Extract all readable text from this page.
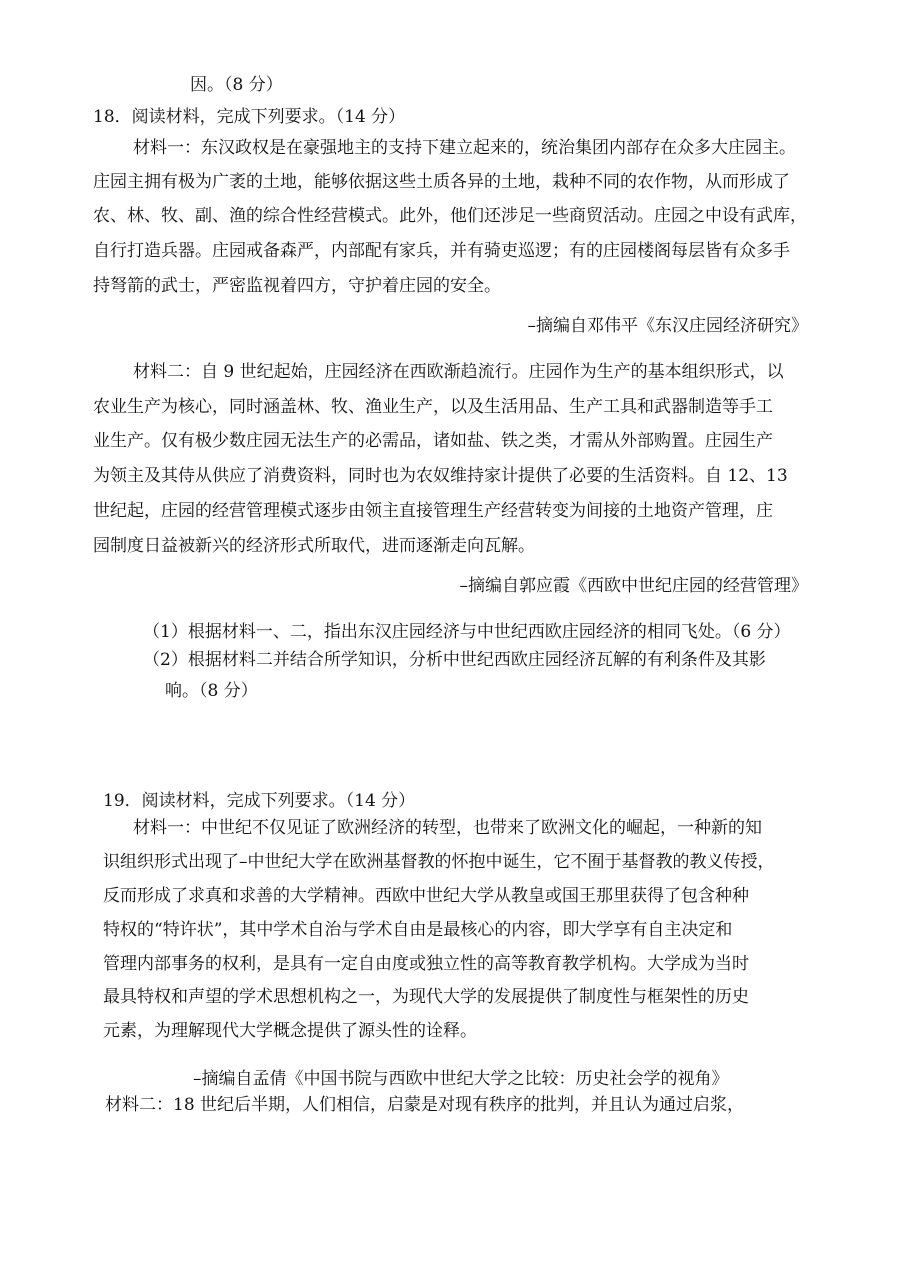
因。（8 分）
18．阅读材料，完成下列要求。（14 分）
材料一：东汉政权是在豪强地主的支持下建立起来的，统治集团内部存在众多大庄园主。
庄园主拥有极为广袤的土地，能够依据这些土质各异的土地，栽种不同的农作物，从而形成了
农、林、牧、副、渔的综合性经营模式。此外，他们还涉足一些商贸活动。庄园之中设有武库，
自行打造兵器。庄园戒备森严，内部配有家兵，并有骑吏巡逻；有的庄园楼阁每层皆有众多手
持弩箭的武士，严密监视着四方，守护着庄园的安全。
–摘编自邓伟平《东汉庄园经济研究》
材料二：自 9 世纪起始，庄园经济在西欧渐趋流行。庄园作为生产的基本组织形式，以
农业生产为核心，同时涵盖林、牧、渔业生产，以及生活用品、生产工具和武器制造等手工
业生产。仅有极少数庄园无法生产的必需品，诸如盐、铁之类，才需从外部购置。庄园生产
为领主及其侍从供应了消费资料，同时也为农奴维持家计提供了必要的生活资料。自 12、13
世纪起，庄园的经营管理模式逐步由领主直接管理生产经营转变为间接的土地资产管理，庄
园制度日益被新兴的经济形式所取代，进而逐渐走向瓦解。
–摘编自郭应霞《西欧中世纪庄园的经营管理》
（1）根据材料一、二，指出东汉庄园经济与中世纪西欧庄园经济的相同飞处。（6 分）
（2）根据材料二并结合所学知识，分析中世纪西欧庄园经济瓦解的有利条件及其影
响。（8 分）
19．阅读材料，完成下列要求。（14 分）
材料一：中世纪不仅见证了欧洲经济的转型，也带来了欧洲文化的崛起，一种新的知
识组织形式出现了–中世纪大学在欧洲基督教的怀抱中诞生，它不囿于基督教的教义传授，
反而形成了求真和求善的大学精神。西欧中世纪大学从教皇或国王那里获得了包含种种
特权的“特许状”，其中学术自治与学术自由是最核心的内容，即大学享有自主决定和
管理内部事务的权利，是具有一定自由度或独立性的高等教育教学机构。大学成为当时
最具特权和声望的学术思想机构之一，为现代大学的发展提供了制度性与框架性的历史
元素，为理解现代大学概念提供了源头性的诠释。
–摘编自孟倩《中国书院与西欧中世纪大学之比较：历史社会学的视角》
材料二：18 世纪后半期，人们相信，启蒙是对现有秩序的批判，并且认为通过启浆，
